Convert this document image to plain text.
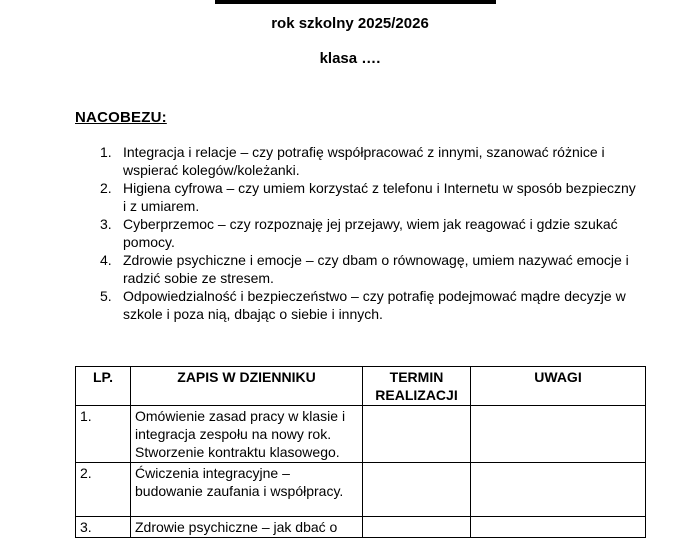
rok szkolny 2025/2026

klasa ….

NACOBEZU:
1. Integracja i relacje – czy potrafię współpracować z innymi, szanować różnice i wspierać kolegów/koleżanki.
2. Higiena cyfrowa – czy umiem korzystać z telefonu i Internetu w sposób bezpieczny i z umiarem.
3. Cyberprzemoc – czy rozpoznaję jej przejawy, wiem jak reagować i gdzie szukać pomocy.
4. Zdrowie psychiczne i emocje – czy dbam o równowagę, umiem nazywać emocje i radzić sobie ze stresem.
5. Odpowiedzialność i bezpieczeństwo – czy potrafię podejmować mądre decyzje w szkole i poza nią, dbając o siebie i innych.
LP.	ZAPIS W DZIENNIKU	TERMIN REALIZACJI	UWAGI
1.	Omówienie zasad pracy w klasie i integracja zespołu na nowy rok. Stworzenie kontraktu klasowego.		
2.	Ćwiczenia integracyjne – budowanie zaufania i współpracy.		
3.	Zdrowie psychiczne – jak dbać o		
